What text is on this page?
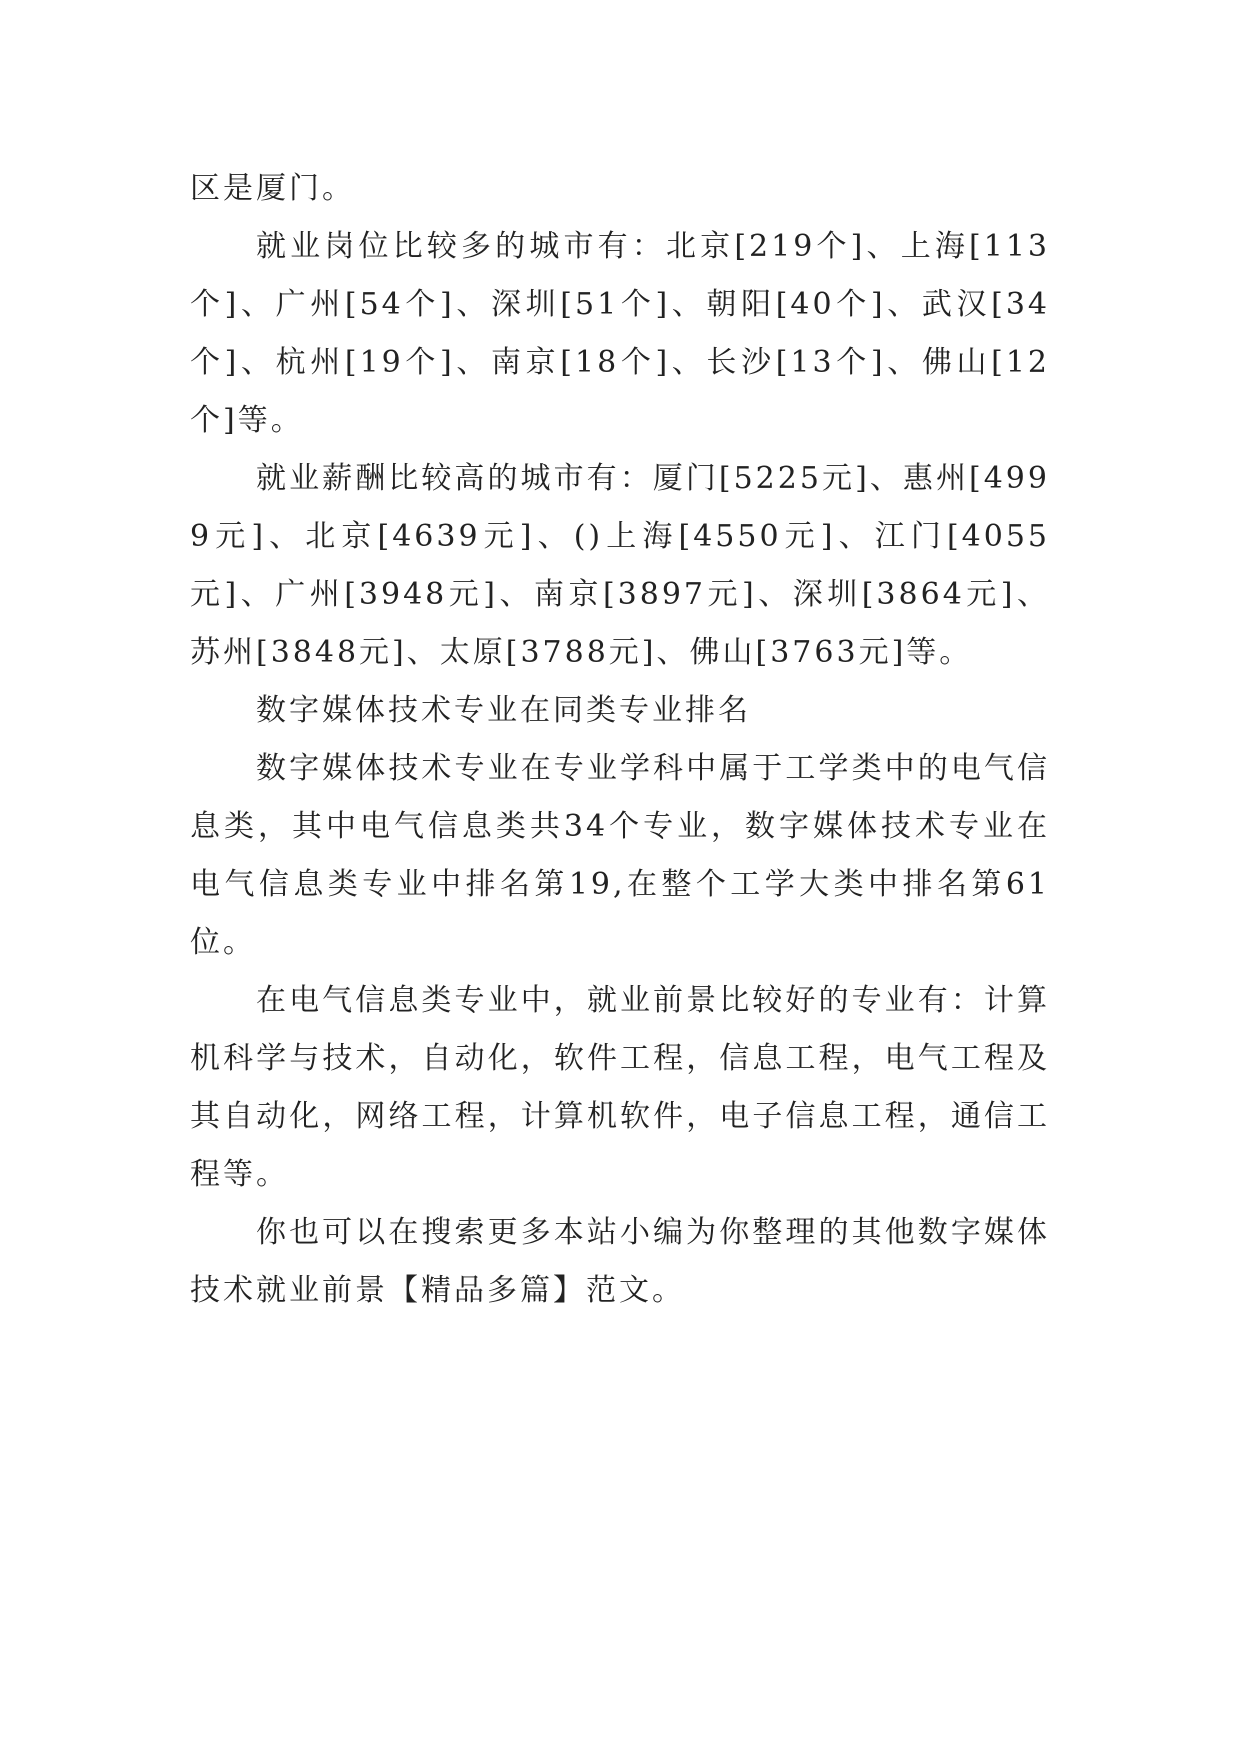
区是厦门。

就业岗位比较多的城市有：北京[219个]、上海[113个]、广州[54个]、深圳[51个]、朝阳[40个]、武汉[34个]、杭州[19个]、南京[18个]、长沙[13个]、佛山[12个]等。

就业薪酬比较高的城市有：厦门[5225元]、惠州[4999元]、北京[4639元]、()上海[4550元]、江门[4055元]、广州[3948元]、南京[3897元]、深圳[3864元]、苏州[3848元]、太原[3788元]、佛山[3763元]等。

数字媒体技术专业在同类专业排名

数字媒体技术专业在专业学科中属于工学类中的电气信息类，其中电气信息类共34个专业，数字媒体技术专业在电气信息类专业中排名第19,在整个工学大类中排名第61位。

在电气信息类专业中，就业前景比较好的专业有：计算机科学与技术，自动化，软件工程，信息工程，电气工程及其自动化，网络工程，计算机软件，电子信息工程，通信工程等。

你也可以在搜索更多本站小编为你整理的其他数字媒体技术就业前景【精品多篇】范文。
